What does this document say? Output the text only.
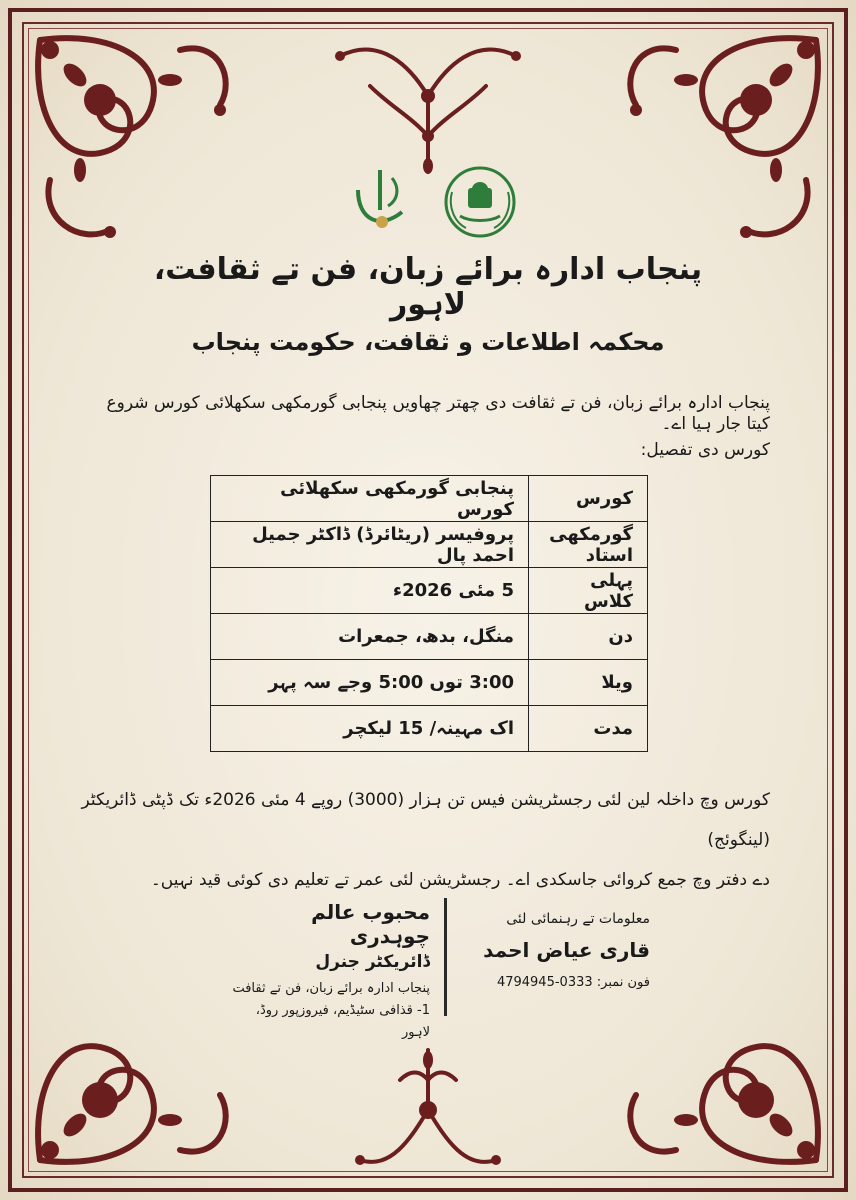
پنجاب ادارہ برائے زبان، فن تے ثقافت، لاہور
محکمہ اطلاعات و ثقافت، حکومت پنجاب
پنجاب ادارہ برائے زبان، فن تے ثقافت دی چھتر چھاویں پنجابی گورمکھی سکھلائی کورس شروع کیتا جار ہیا اے۔
کورس دی تفصیل:
کورس	پنجابی گورمکھی سکھلائی کورس
گورمکھی استاد	پروفیسر (ریٹائرڈ) ڈاکٹر جمیل احمد پال
پہلی کلاس	5 مئی 2026ء
دن	منگل، بدھ، جمعرات
ویلا	3:00 توں 5:00 وجے سہ پہر
مدت	اک مہینہ/ 15 لیکچر
کورس وچ داخلہ لین لئی رجسٹریشن فیس تن ہزار (3000) روپے 4 مئی 2026ء تک ڈپٹی ڈائریکٹر (لینگوئج)
دے دفتر وچ جمع کروائی جاسکدی اے۔ رجسٹریشن لئی عمر تے تعلیم دی کوئی قید نہیں۔
محبوب عالم چوہدری
ڈائریکٹر جنرل
پنجاب ادارہ برائے زبان، فن تے ثقافت
1- قذافی سٹیڈیم، فیروزپور روڈ، لاہور
معلومات تے رہنمائی لئی
قاری عیاض احمد
فون نمبر: 0333-4794945
